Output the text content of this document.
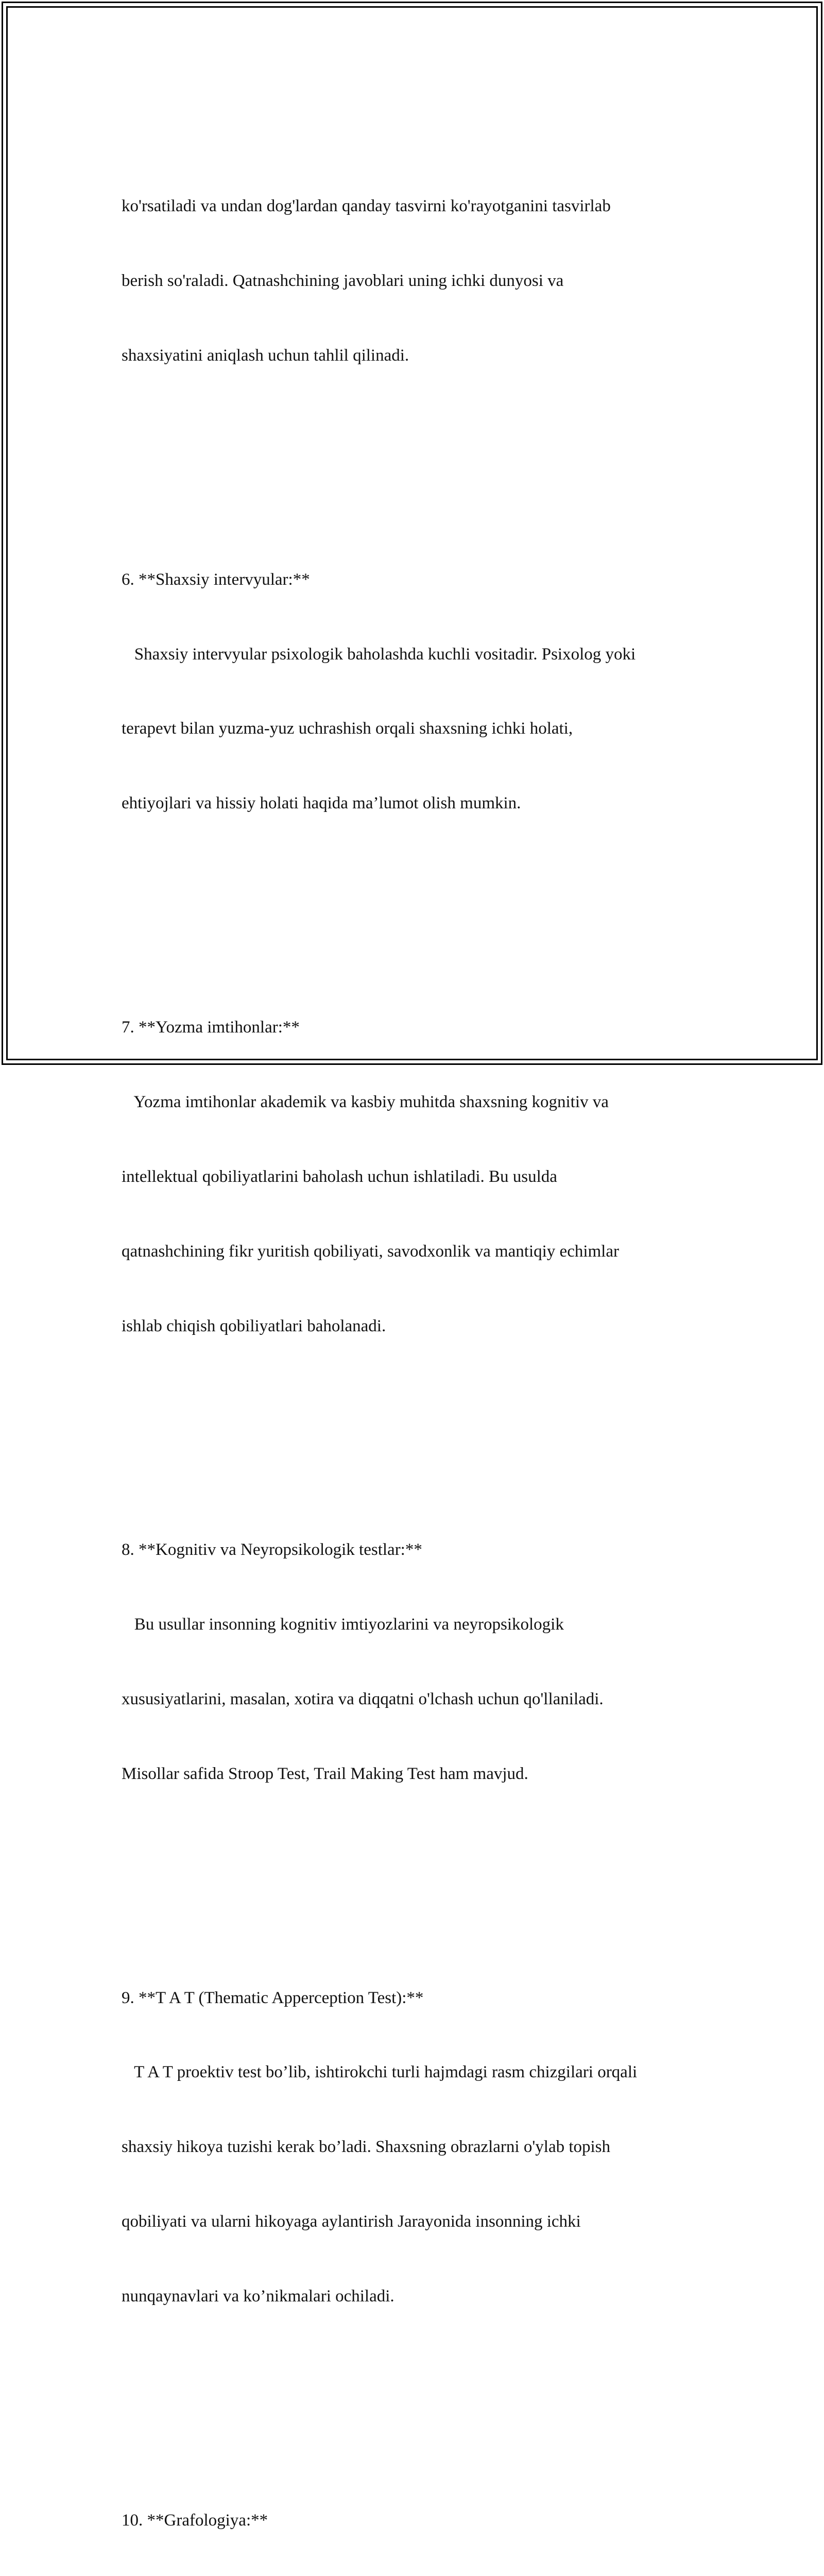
ko'rsatiladi va undan dog'lardan qanday tasvirni ko'rayotganini tasvirlab

berish so'raladi. Qatnashchining javoblari uning ichki dunyosi va

shaxsiyatini aniqlash uchun tahlil qilinadi.

6. **Shaxsiy intervyular:**

Shaxsiy intervyular psixologik baholashda kuchli vositadir. Psixolog yoki

terapevt bilan yuzma-yuz uchrashish orqali shaxsning ichki holati,

ehtiyojlari va hissiy holati haqida ma’lumot olish mumkin.

7. **Yozma imtihonlar:**

Yozma imtihonlar akademik va kasbiy muhitda shaxsning kognitiv va

intellektual qobiliyatlarini baholash uchun ishlatiladi. Bu usulda

qatnashchining fikr yuritish qobiliyati, savodxonlik va mantiqiy echimlar

ishlab chiqish qobiliyatlari baholanadi.

8. **Kognitiv va Neyropsikologik testlar:**

Bu usullar insonning kognitiv imtiyozlarini va neyropsikologik

xususiyatlarini, masalan, xotira va diqqatni o'lchash uchun qo'llaniladi.

Misollar safida Stroop Test, Trail Making Test ham mavjud.

9. **T A T (Thematic Apperception Test):**

T A T proektiv test bo’lib, ishtirokchi turli hajmdagi rasm chizgilari orqali

shaxsiy hikoya tuzishi kerak bo’ladi. Shaxsning obrazlarni o'ylab topish

qobiliyati va ularni hikoyaga aylantirish Jarayonida insonning ichki

nunqaynavlari va ko’nikmalari ochiladi.

10. **Grafologiya:**
